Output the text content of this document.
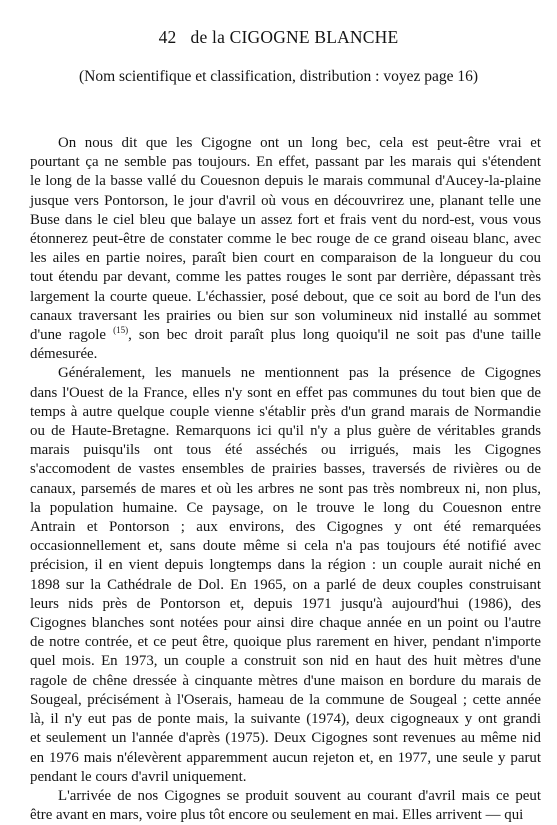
42 de la CIGOGNE BLANCHE
(Nom scientifique et classification, distribution : voyez page 16)
On nous dit que les Cigogne ont un long bec, cela est peut-être vrai et
pourtant ça ne semble pas toujours. En effet, passant par les marais qui s'étendent
le long de la basse vallé du Couesnon depuis le marais communal d'Aucey-la-plaine
jusque vers Pontorson, le jour d'avril où vous en découvrirez une, planant telle une
Buse dans le ciel bleu que balaye un assez fort et frais vent du nord-est, vous vous
étonnerez peut-être de constater comme le bec rouge de ce grand oiseau blanc, avec
les ailes en partie noires, paraît bien court en comparaison de la longueur du cou
tout étendu par devant, comme les pattes rouges le sont par derrière, dépassant très
largement la courte queue. L'échassier, posé debout, que ce soit au bord de l'un des
canaux traversant les prairies ou bien sur son volumineux nid installé au sommet
d'une ragole $^{(15)}$, son bec droit paraît plus long quoiqu'il ne soit pas d'une taille
démesurée.
Généralement, les manuels ne mentionnent pas la présence de Cigognes
dans l'Ouest de la France, elles n'y sont en effet pas communes du tout bien que de
temps à autre quelque couple vienne s'établir près d'un grand marais de Normandie
ou de Haute-Bretagne. Remarquons ici qu'il n'y a plus guère de véritables grands
marais puisqu'ils ont tous été asséchés ou irrigués, mais les Cigognes
s'accomodent de vastes ensembles de prairies basses, traversés de rivières ou de
canaux, parsemés de mares et où les arbres ne sont pas très nombreux ni, non plus,
la population humaine. Ce paysage, on le trouve le long du Couesnon entre
Antrain et Pontorson ; aux environs, des Cigognes y ont été remarquées
occasionnellement et, sans doute même si cela n'a pas toujours été notifié avec
précision, il en vient depuis longtemps dans la région : un couple aurait niché en
1898 sur la Cathédrale de Dol. En 1965, on a parlé de deux couples construisant
leurs nids près de Pontorson et, depuis 1971 jusqu'à aujourd'hui (1986), des
Cigognes blanches sont notées pour ainsi dire chaque année en un point ou l'autre
de notre contrée, et ce peut être, quoique plus rarement en hiver, pendant n'importe
quel mois. En 1973, un couple a construit son nid en haut des huit mètres d'une
ragole de chêne dressée à cinquante mètres d'une maison en bordure du marais de
Sougeal, précisément à l'Oserais, hameau de la commune de Sougeal ; cette année
là, il n'y eut pas de ponte mais, la suivante (1974), deux cigogneaux y ont grandi
et seulement un l'année d'après (1975). Deux Cigognes sont revenues au même nid
en 1976 mais n'élevèrent apparemment aucun rejeton et, en 1977, une seule y parut
pendant le cours d'avril uniquement.
L'arrivée de nos Cigognes se produit souvent au courant d'avril mais ce peut
être avant en mars, voire plus tôt encore ou seulement en mai. Elles arrivent — qui
